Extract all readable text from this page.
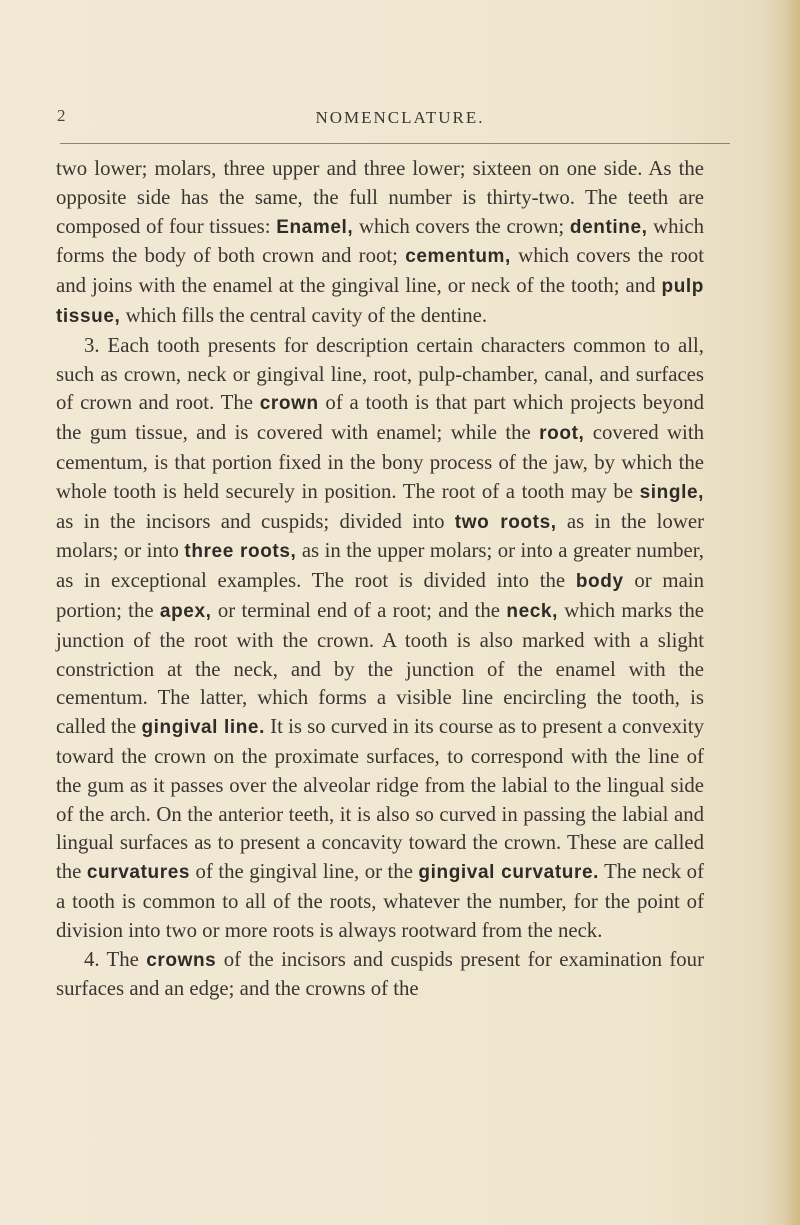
2	NOMENCLATURE.

two lower; molars, three upper and three lower; sixteen on one side. As the opposite side has the same, the full number is thirty-two. The teeth are composed of four tissues: Enamel, which covers the crown; dentine, which forms the body of both crown and root; cementum, which covers the root and joins with the enamel at the gingival line, or neck of the tooth; and pulp tissue, which fills the central cavity of the dentine.

3. Each tooth presents for description certain characters common to all, such as crown, neck or gingival line, root, pulp-chamber, canal, and surfaces of crown and root. The crown of a tooth is that part which projects beyond the gum tissue, and is covered with enamel; while the root, covered with cementum, is that portion fixed in the bony process of the jaw, by which the whole tooth is held securely in position. The root of a tooth may be single, as in the incisors and cuspids; divided into two roots, as in the lower molars; or into three roots, as in the upper molars; or into a greater number, as in exceptional examples. The root is divided into the body or main portion; the apex, or terminal end of a root; and the neck, which marks the junction of the root with the crown. A tooth is also marked with a slight constriction at the neck, and by the junction of the enamel with the cementum. The latter, which forms a visible line encircling the tooth, is called the gingival line. It is so curved in its course as to present a convexity toward the crown on the proximate surfaces, to correspond with the line of the gum as it passes over the alveolar ridge from the labial to the lingual side of the arch. On the anterior teeth, it is also so curved in passing the labial and lingual surfaces as to present a concavity toward the crown. These are called the curvatures of the gingival line, or the gingival curvature. The neck of a tooth is common to all of the roots, whatever the number, for the point of division into two or more roots is always rootward from the neck.

4. The crowns of the incisors and cuspids present for examination four surfaces and an edge; and the crowns of the
